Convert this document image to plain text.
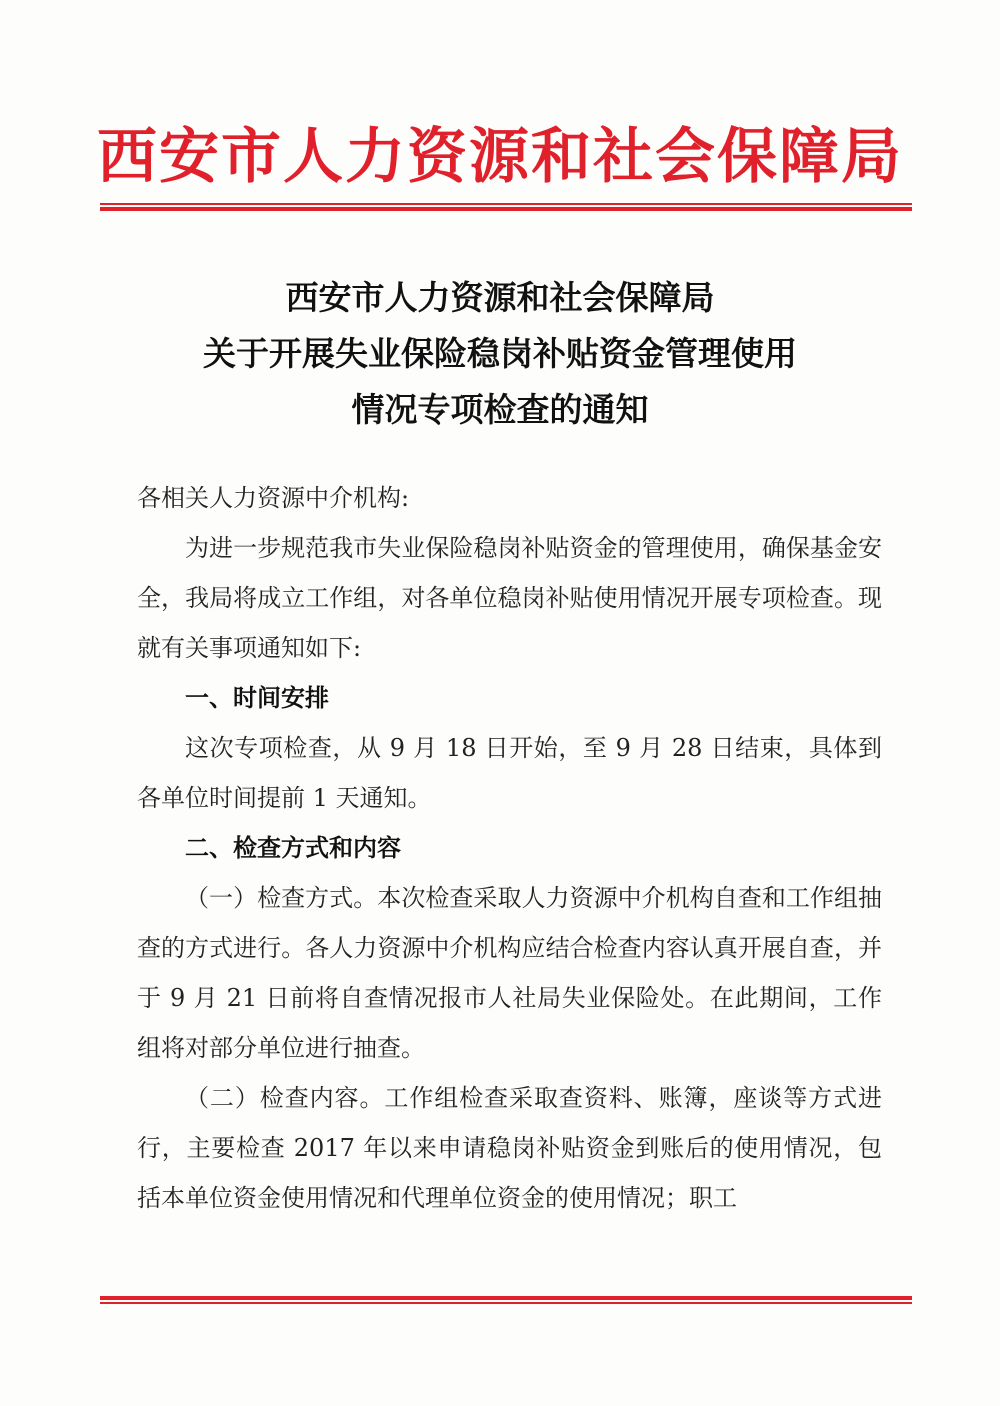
西安市人力资源和社会保障局
西安市人力资源和社会保障局
关于开展失业保险稳岗补贴资金管理使用
情况专项检查的通知

各相关人力资源中介机构:

为进一步规范我市失业保险稳岗补贴资金的管理使用，确保基金安全，我局将成立工作组，对各单位稳岗补贴使用情况开展专项检查。现就有关事项通知如下:

一、时间安排

这次专项检查，从 9 月 18 日开始，至 9 月 28 日结束，具体到各单位时间提前 1 天通知。

二、检查方式和内容

（一）检查方式。本次检查采取人力资源中介机构自查和工作组抽查的方式进行。各人力资源中介机构应结合检查内容认真开展自查，并于 9 月 21 日前将自查情况报市人社局失业保险处。在此期间，工作组将对部分单位进行抽查。

（二）检查内容。工作组检查采取查资料、账簿，座谈等方式进行，主要检查 2017 年以来申请稳岗补贴资金到账后的使用情况，包括本单位资金使用情况和代理单位资金的使用情况；职工
